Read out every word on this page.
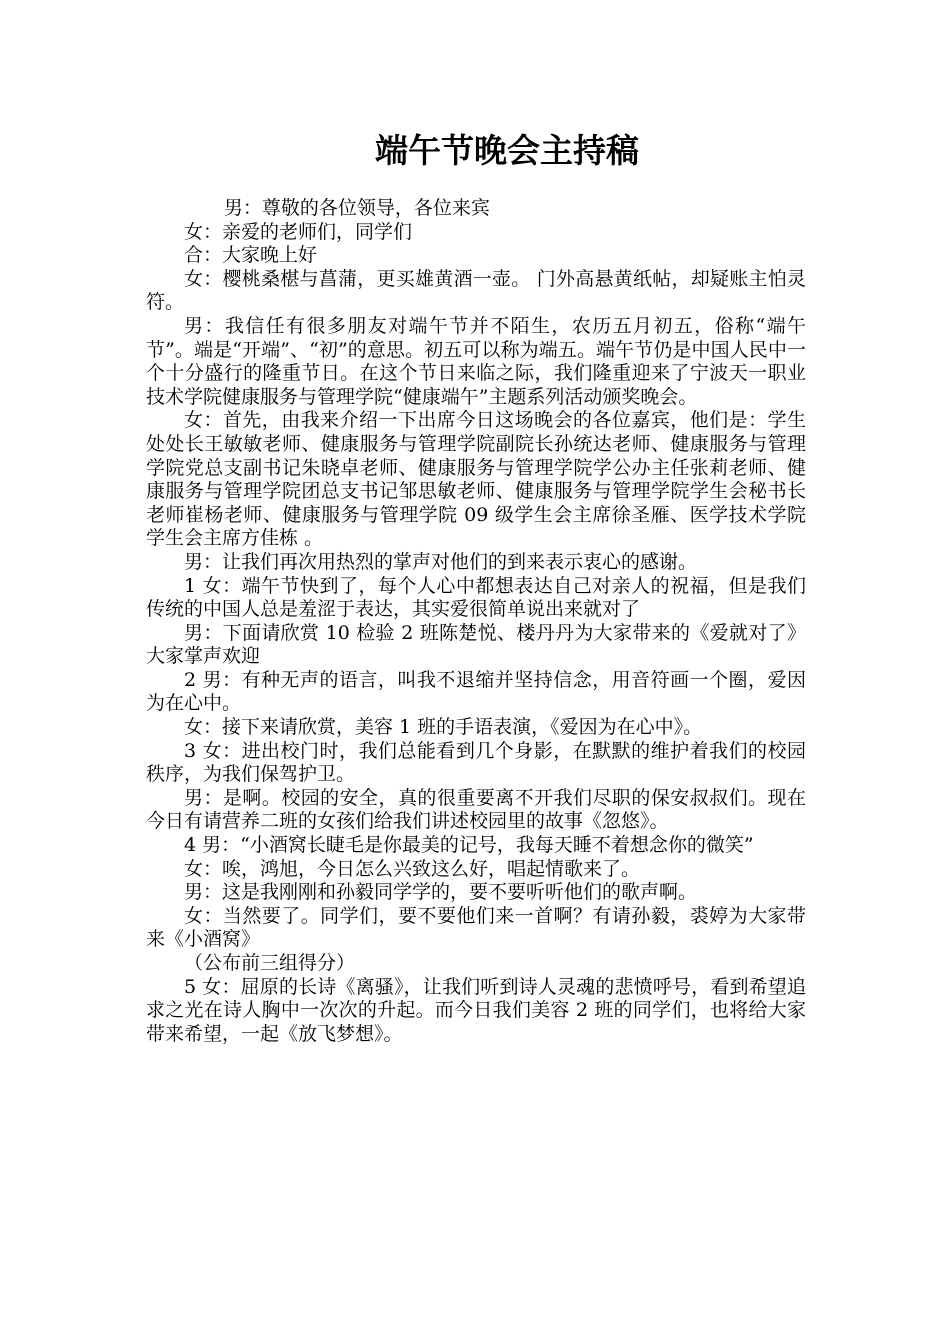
端午节晚会主持稿

男：尊敬的各位领导，各位来宾

女：亲爱的老师们，同学们

合：大家晚上好

女：樱桃桑椹与菖蒲，更买雄黄酒一壶。 门外高悬黄纸帖，却疑账主怕灵符。

男：我信任有很多朋友对端午节并不陌生，农历五月初五，俗称“端午节”。端是“开端”、“初”的意思。初五可以称为端五。端午节仍是中国人民中一个十分盛行的隆重节日。在这个节日来临之际，我们隆重迎来了宁波天一职业技术学院健康服务与管理学院“健康端午”主题系列活动颁奖晚会。

女：首先，由我来介绍一下出席今日这场晚会的各位嘉宾，他们是：学生处处长王敏敏老师、健康服务与管理学院副院长孙统达老师、健康服务与管理学院党总支副书记朱晓卓老师、健康服务与管理学院学公办主任张莉老师、健康服务与管理学院团总支书记邹思敏老师、健康服务与管理学院学生会秘书长老师崔杨老师、健康服务与管理学院 09 级学生会主席徐圣雁、医学技术学院学生会主席方佳栋 。

男：让我们再次用热烈的掌声对他们的到来表示衷心的感谢。

1 女：端午节快到了，每个人心中都想表达自己对亲人的祝福，但是我们传统的中国人总是羞涩于表达，其实爱很简单说出来就对了

男：下面请欣赏 10 检验 2 班陈楚悦、楼丹丹为大家带来的《爱就对了》大家掌声欢迎

2 男：有种无声的语言，叫我不退缩并坚持信念，用音符画一个圈，爱因为在心中。

女：接下来请欣赏，美容 1 班的手语表演，《爱因为在心中》。

3 女：进出校门时，我们总能看到几个身影，在默默的维护着我们的校园秩序，为我们保驾护卫。

男：是啊。校园的安全，真的很重要离不开我们尽职的保安叔叔们。现在今日有请营养二班的女孩们给我们讲述校园里的故事《忽悠》。

4 男：“小酒窝长睫毛是你最美的记号，我每天睡不着想念你的微笑”

女：唉，鸿旭，今日怎么兴致这么好，唱起情歌来了。

男：这是我刚刚和孙毅同学学的，要不要听听他们的歌声啊。

女：当然要了。同学们，要不要他们来一首啊？有请孙毅，裘婷为大家带来《小酒窝》

（公布前三组得分）

5 女：屈原的长诗《离骚》，让我们听到诗人灵魂的悲愤呼号，看到希望追求之光在诗人胸中一次次的升起。而今日我们美容 2 班的同学们，也将给大家带来希望，一起《放飞梦想》。
